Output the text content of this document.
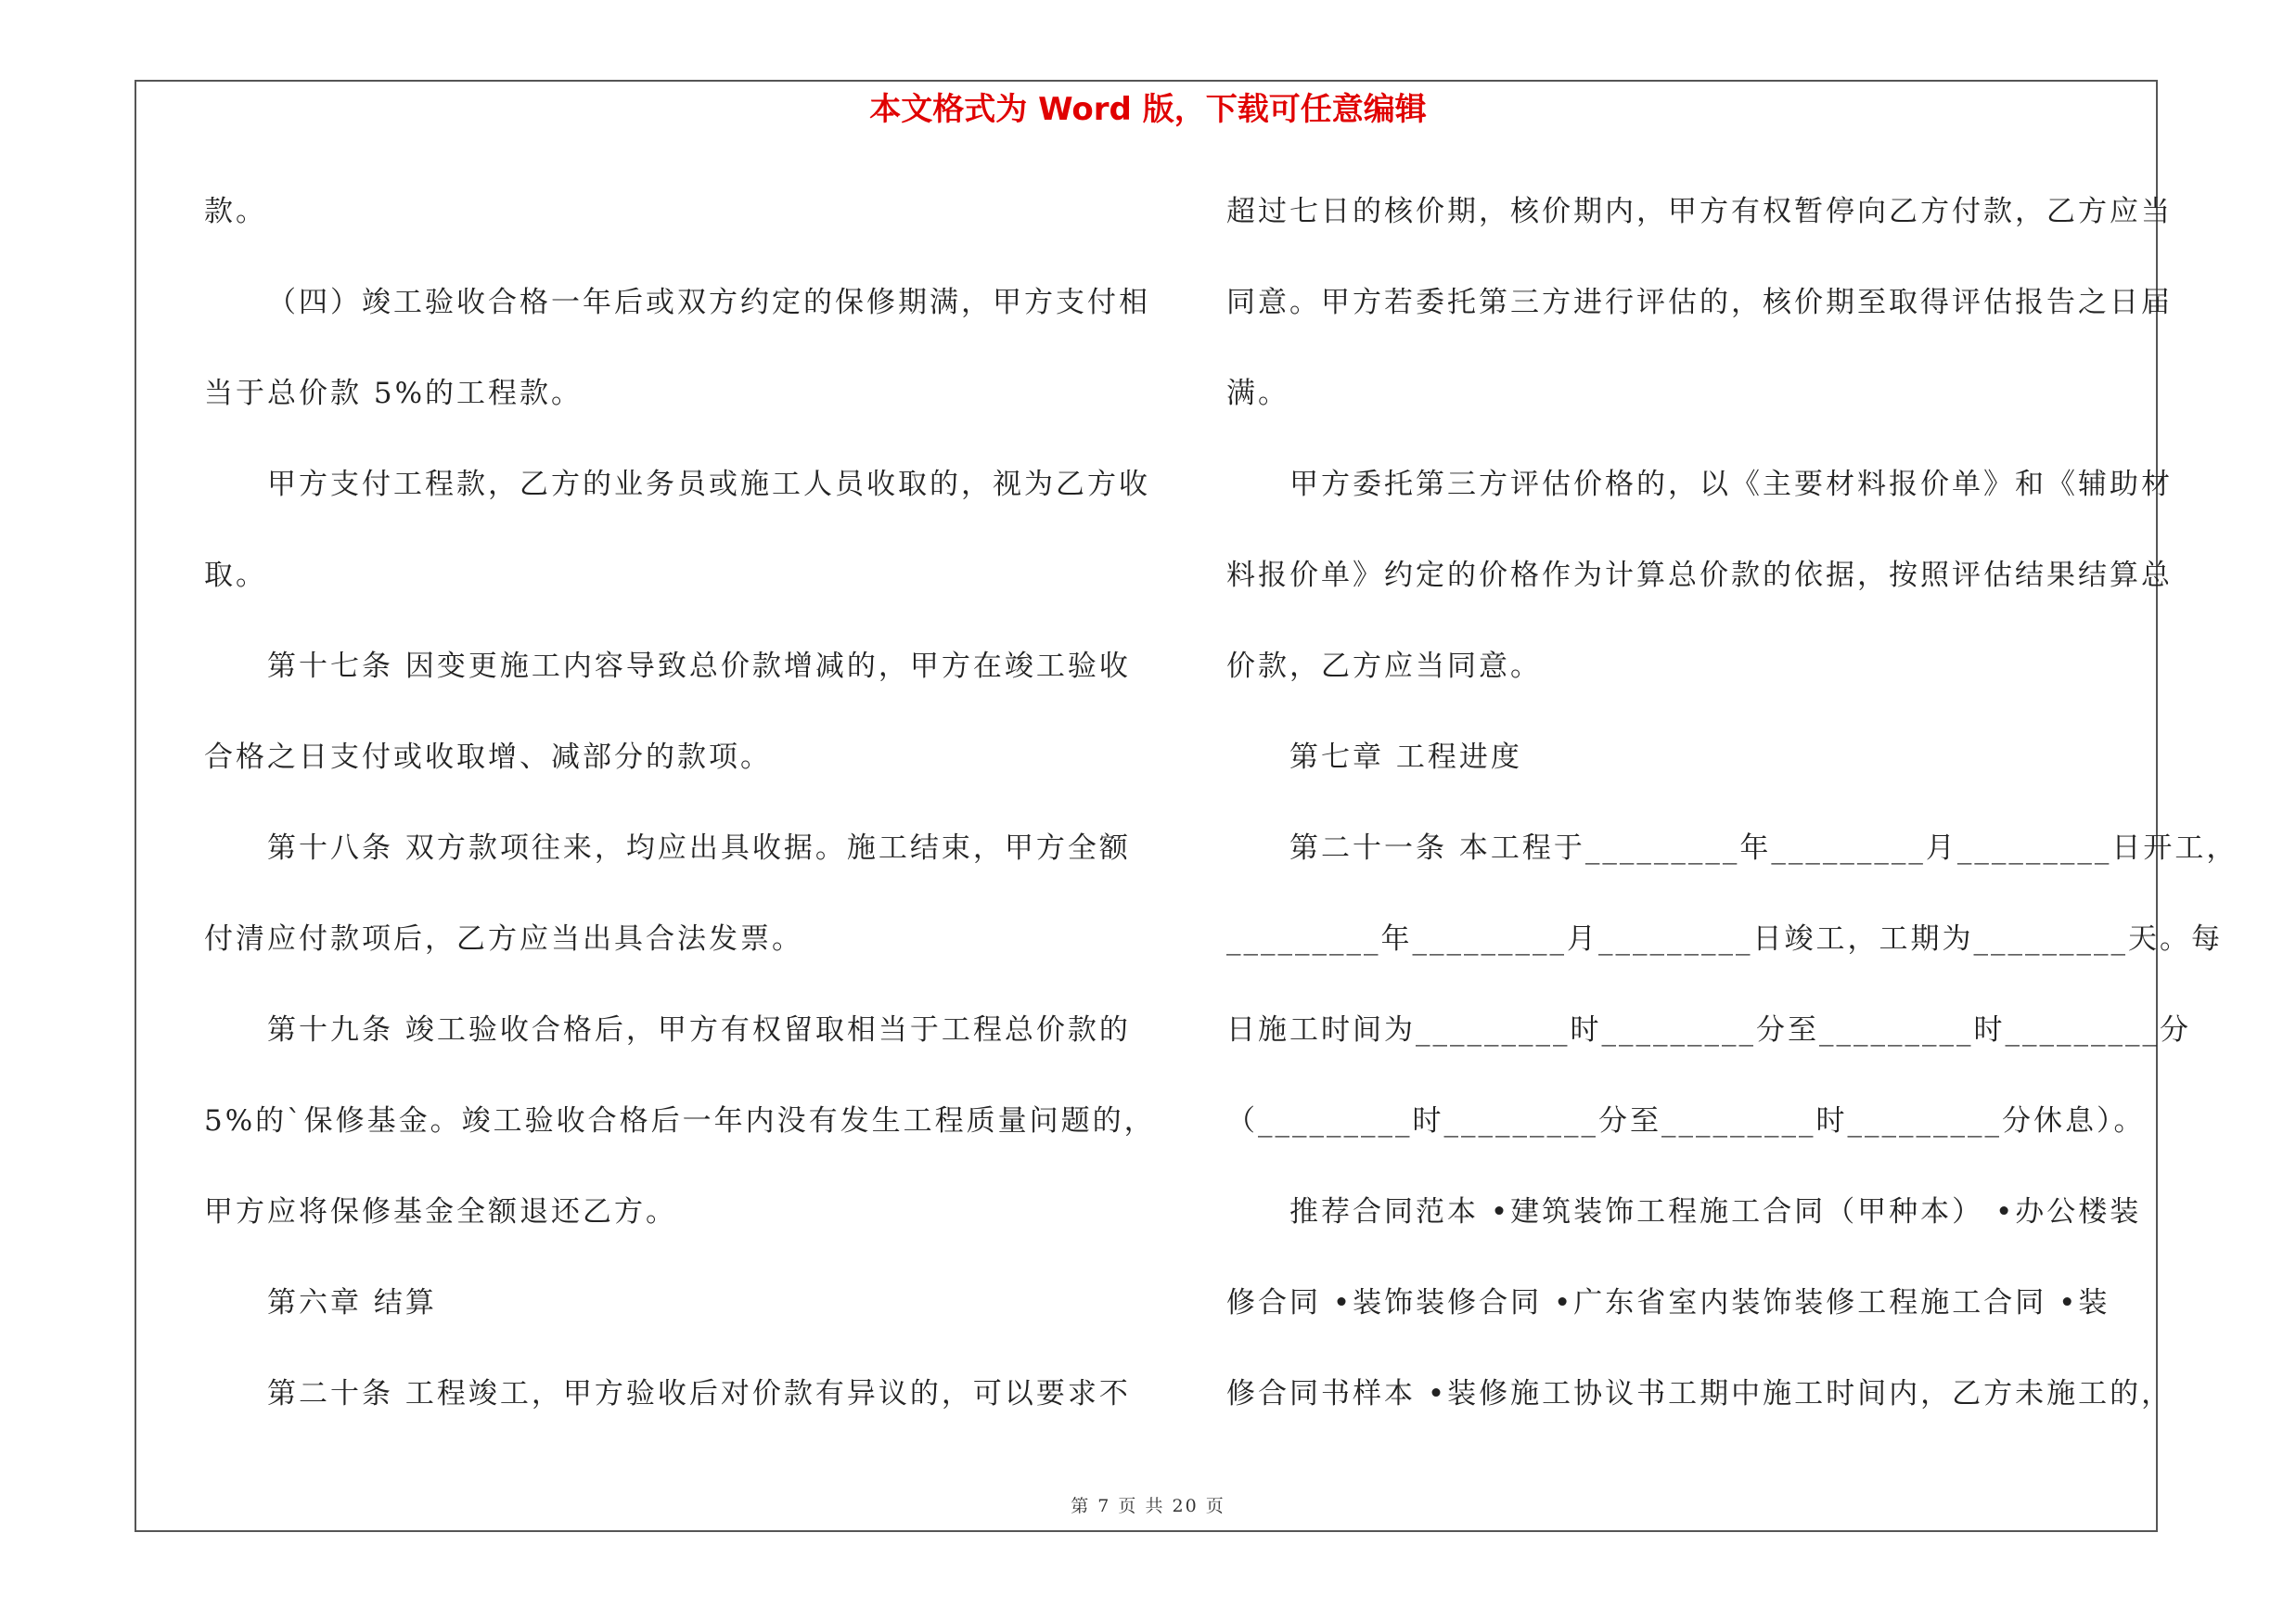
本文格式为 Word 版，下载可任意编辑
款。
（四）竣工验收合格一年后或双方约定的保修期满，甲方支付相
当于总价款 5%的工程款。
甲方支付工程款，乙方的业务员或施工人员收取的，视为乙方收
取。
第十七条 因变更施工内容导致总价款增减的，甲方在竣工验收
合格之日支付或收取增、减部分的款项。
第十八条 双方款项往来，均应出具收据。施工结束，甲方全额
付清应付款项后，乙方应当出具合法发票。
第十九条 竣工验收合格后，甲方有权留取相当于工程总价款的
5%的`保修基金。竣工验收合格后一年内没有发生工程质量问题的，
甲方应将保修基金全额退还乙方。
第六章 结算
第二十条 工程竣工，甲方验收后对价款有异议的，可以要求不
超过七日的核价期，核价期内，甲方有权暂停向乙方付款，乙方应当
同意。甲方若委托第三方进行评估的，核价期至取得评估报告之日届
满。
甲方委托第三方评估价格的，以《主要材料报价单》和《辅助材
料报价单》约定的价格作为计算总价款的依据，按照评估结果结算总
价款，乙方应当同意。
第七章 工程进度
第二十一条 本工程于_________年_________月_________日开工，
_________年_________月_________日竣工，工期为_________天。每
日施工时间为_________时_________分至_________时_________分
（_________时_________分至_________时_________分休息）。
推荐合同范本 •建筑装饰工程施工合同（甲种本） •办公楼装
修合同 •装饰装修合同 •广东省室内装饰装修工程施工合同 •装
修合同书样本 •装修施工协议书工期中施工时间内，乙方未施工的，
第 7 页 共 20 页
